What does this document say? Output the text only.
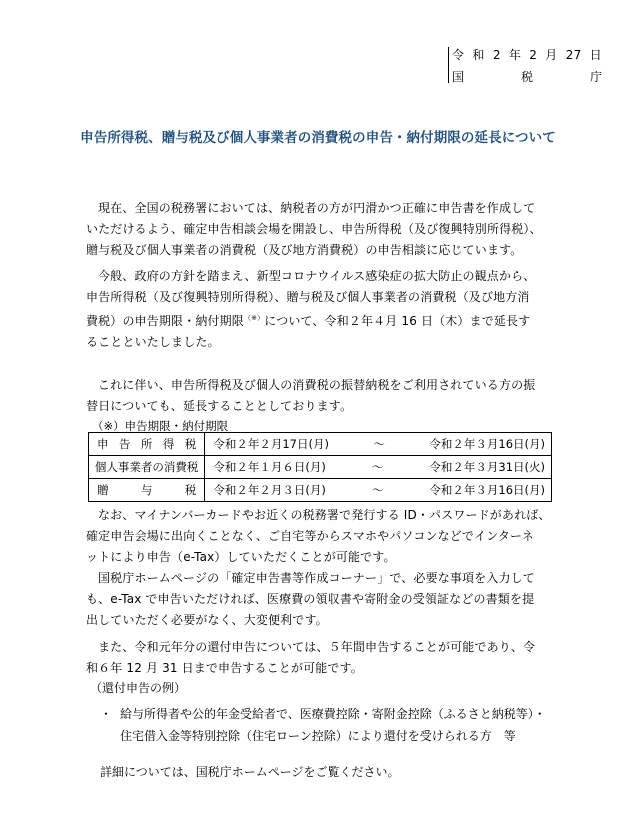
令 和 2 年 2 月 27 日
国	税	庁
申告所得税、贈与税及び個人事業者の消費税の申告・納付期限の延長について
現在、全国の税務署においては、納税者の方が円滑かつ正確に申告書を作成して
いただけるよう、確定申告相談会場を開設し、申告所得税（及び復興特別所得税）、
贈与税及び個人事業者の消費税（及び地方消費税）の申告相談に応じています。
今般、政府の方針を踏まえ、新型コロナウイルス感染症の拡大防止の観点から、
申告所得税（及び復興特別所得税）、贈与税及び個人事業者の消費税（及び地方消
費税）の申告期限・納付期限（※）について、令和２年４月 16 日（木）まで延長す
ることといたしました。
これに伴い、申告所得税及び個人の消費税の振替納税をご利用されている方の振
替日についても、延長することとしております。
（※）申告期限・納付期限
申 告 所 得 税	令和２年２月17日(月) ～ 令和２年３月16日(月)

個人事業者の消費税	令和２年１月６日(月) ～ 令和２年３月31日(火)

贈 与 税	令和２年２月３日(月) ～ 令和２年３月16日(月)
なお、マイナンバーカードやお近くの税務署で発行する ID・パスワードがあれば、
確定申告会場に出向くことなく、ご自宅等からスマホやパソコンなどでインターネ
ットにより申告（e-Tax）していただくことが可能です。
国税庁ホームページの「確定申告書等作成コーナー」で、必要な事項を入力して
も、e-Tax で申告いただければ、医療費の領収書や寄附金の受領証などの書類を提
出していただく必要がなく、大変便利です。
また、令和元年分の還付申告については、５年間申告することが可能であり、令
和６年 12 月 31 日まで申告することが可能です。
（還付申告の例）
・ 給与所得者や公的年金受給者で、医療費控除・寄附金控除（ふるさと納税等）・
住宅借入金等特別控除（住宅ローン控除）により還付を受けられる方　等
詳細については、国税庁ホームページをご覧ください。
